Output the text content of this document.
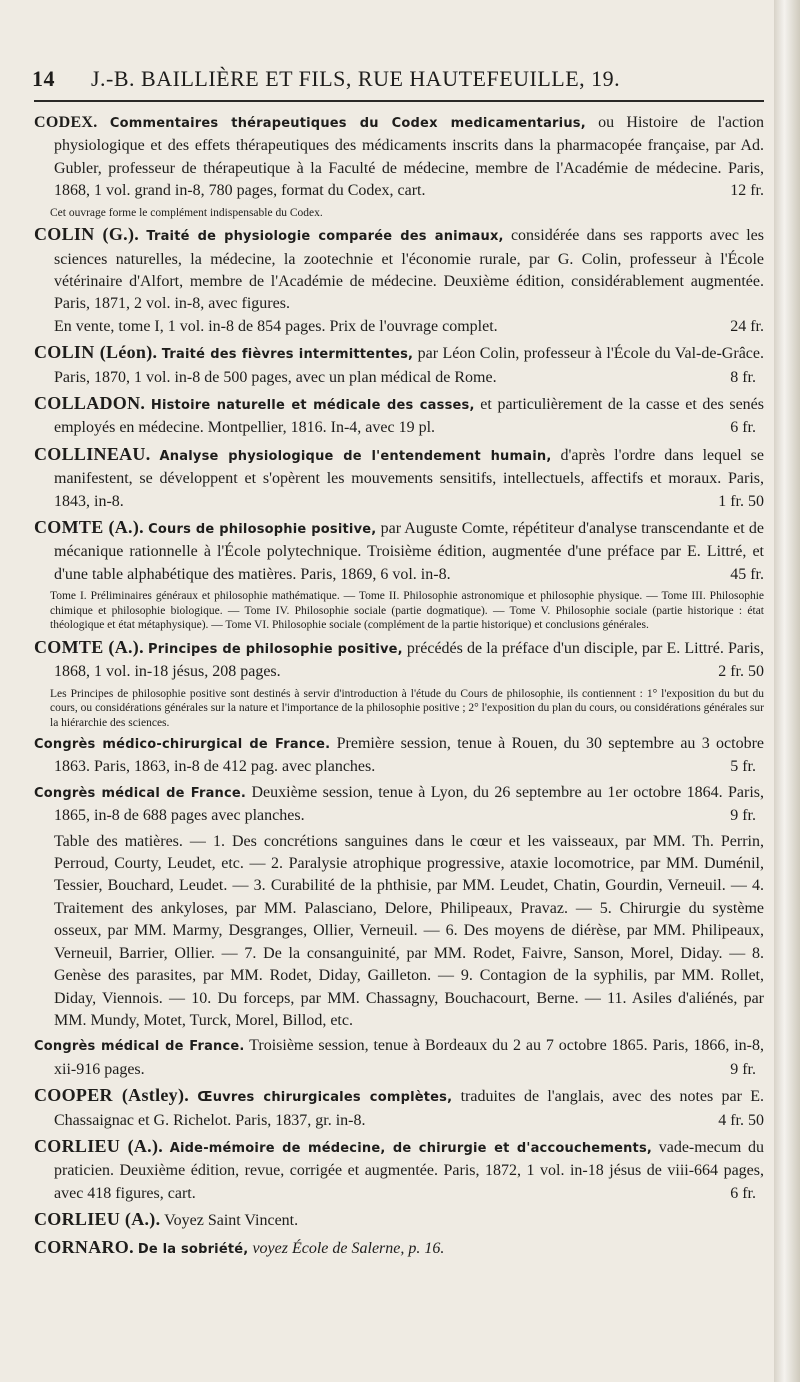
14 J.-B. BAILLIÈRE ET FILS, RUE HAUTEFEUILLE, 19.

CODEX. Commentaires thérapeutiques du Codex medicamentarius, ou Histoire de l'action physiologique et des effets thérapeutiques des médicaments inscrits dans la pharmacopée française, par Ad. Gubler, professeur de thérapeutique à la Faculté de médecine, membre de l'Académie de médecine. Paris, 1868, 1 vol. grand in-8, 780 pages, format du Codex, cart.	12 fr.

Cet ouvrage forme le complément indispensable du Codex.

COLIN (G.). Traité de physiologie comparée des animaux, considérée dans ses rapports avec les sciences naturelles, la médecine, la zootechnie et l'économie rurale, par G. Colin, professeur à l'École vétérinaire d'Alfort, membre de l'Académie de médecine. Deuxième édition, considérablement augmentée. Paris, 1871, 2 vol. in-8, avec figures.
En vente, tome I, 1 vol. in-8 de 854 pages. Prix de l'ouvrage complet.	24 fr.

COLIN (Léon). Traité des fièvres intermittentes, par Léon Colin, professeur à l'École du Val-de-Grâce. Paris, 1870, 1 vol. in-8 de 500 pages, avec un plan médical de Rome.	8 fr.

COLLADON. Histoire naturelle et médicale des casses, et particulièrement de la casse et des senés employés en médecine. Montpellier, 1816. In-4, avec 19 pl.	6 fr.

COLLINEAU. Analyse physiologique de l'entendement humain, d'après l'ordre dans lequel se manifestent, se développent et s'opèrent les mouvements sensitifs, intellectuels, affectifs et moraux. Paris, 1843, in-8.	1 fr. 50

COMTE (A.). Cours de philosophie positive, par Auguste Comte, répétiteur d'analyse transcendante et de mécanique rationnelle à l'École polytechnique. Troisième édition, augmentée d'une préface par E. Littré, et d'une table alphabétique des matières. Paris, 1869, 6 vol. in-8.	45 fr.

Tome I. Préliminaires généraux et philosophie mathématique. — Tome II. Philosophie astronomique et philosophie physique. — Tome III. Philosophie chimique et philosophie biologique. — Tome IV. Philosophie sociale (partie dogmatique). — Tome V. Philosophie sociale (partie historique : état théologique et état métaphysique). — Tome VI. Philosophie sociale (complément de la partie historique) et conclusions générales.

COMTE (A.). Principes de philosophie positive, précédés de la préface d'un disciple, par E. Littré. Paris, 1868, 1 vol. in-18 jésus, 208 pages.	2 fr. 50

Les Principes de philosophie positive sont destinés à servir d'introduction à l'étude du Cours de philosophie, ils contiennent : 1° l'exposition du but du cours, ou considérations générales sur la nature et l'importance de la philosophie positive ; 2° l'exposition du plan du cours, ou considérations générales sur la hiérarchie des sciences.

Congrès médico-chirurgical de France. Première session, tenue à Rouen, du 30 septembre au 3 octobre 1863. Paris, 1863, in-8 de 412 pag. avec planches.	5 fr.

Congrès médical de France. Deuxième session, tenue à Lyon, du 26 septembre au 1er octobre 1864. Paris, 1865, in-8 de 688 pages avec planches.	9 fr.

Table des matières. — 1. Des concrétions sanguines dans le cœur et les vaisseaux, par MM. Th. Perrin, Perroud, Courty, Leudet, etc. — 2. Paralysie atrophique progressive, ataxie locomotrice, par MM. Duménil, Tessier, Bouchard, Leudet. — 3. Curabilité de la phthisie, par MM. Leudet, Chatin, Gourdin, Verneuil. — 4. Traitement des ankyloses, par MM. Palasciano, Delore, Philipeaux, Pravaz. — 5. Chirurgie du système osseux, par MM. Marmy, Desgranges, Ollier, Verneuil. — 6. Des moyens de diérèse, par MM. Philipeaux, Verneuil, Barrier, Ollier. — 7. De la consanguinité, par MM. Rodet, Faivre, Sanson, Morel, Diday. — 8. Genèse des parasites, par MM. Rodet, Diday, Gailleton. — 9. Contagion de la syphilis, par MM. Rollet, Diday, Viennois. — 10. Du forceps, par MM. Chassagny, Bouchacourt, Berne. — 11. Asiles d'aliénés, par MM. Mundy, Motet, Turck, Morel, Billod, etc.

Congrès médical de France. Troisième session, tenue à Bordeaux du 2 au 7 octobre 1865. Paris, 1866, in-8, xii-916 pages.	9 fr.

COOPER (Astley). Œuvres chirurgicales complètes, traduites de l'anglais, avec des notes par E. Chassaignac et G. Richelot. Paris, 1837, gr. in-8.	4 fr. 50

CORLIEU (A.). Aide-mémoire de médecine, de chirurgie et d'accouchements, vade-mecum du praticien. Deuxième édition, revue, corrigée et augmentée. Paris, 1872, 1 vol. in-18 jésus de viii-664 pages, avec 418 figures, cart.	6 fr.

CORLIEU (A.). Voyez Saint Vincent.

CORNARO. De la sobriété, voyez École de Salerne, p. 16.
